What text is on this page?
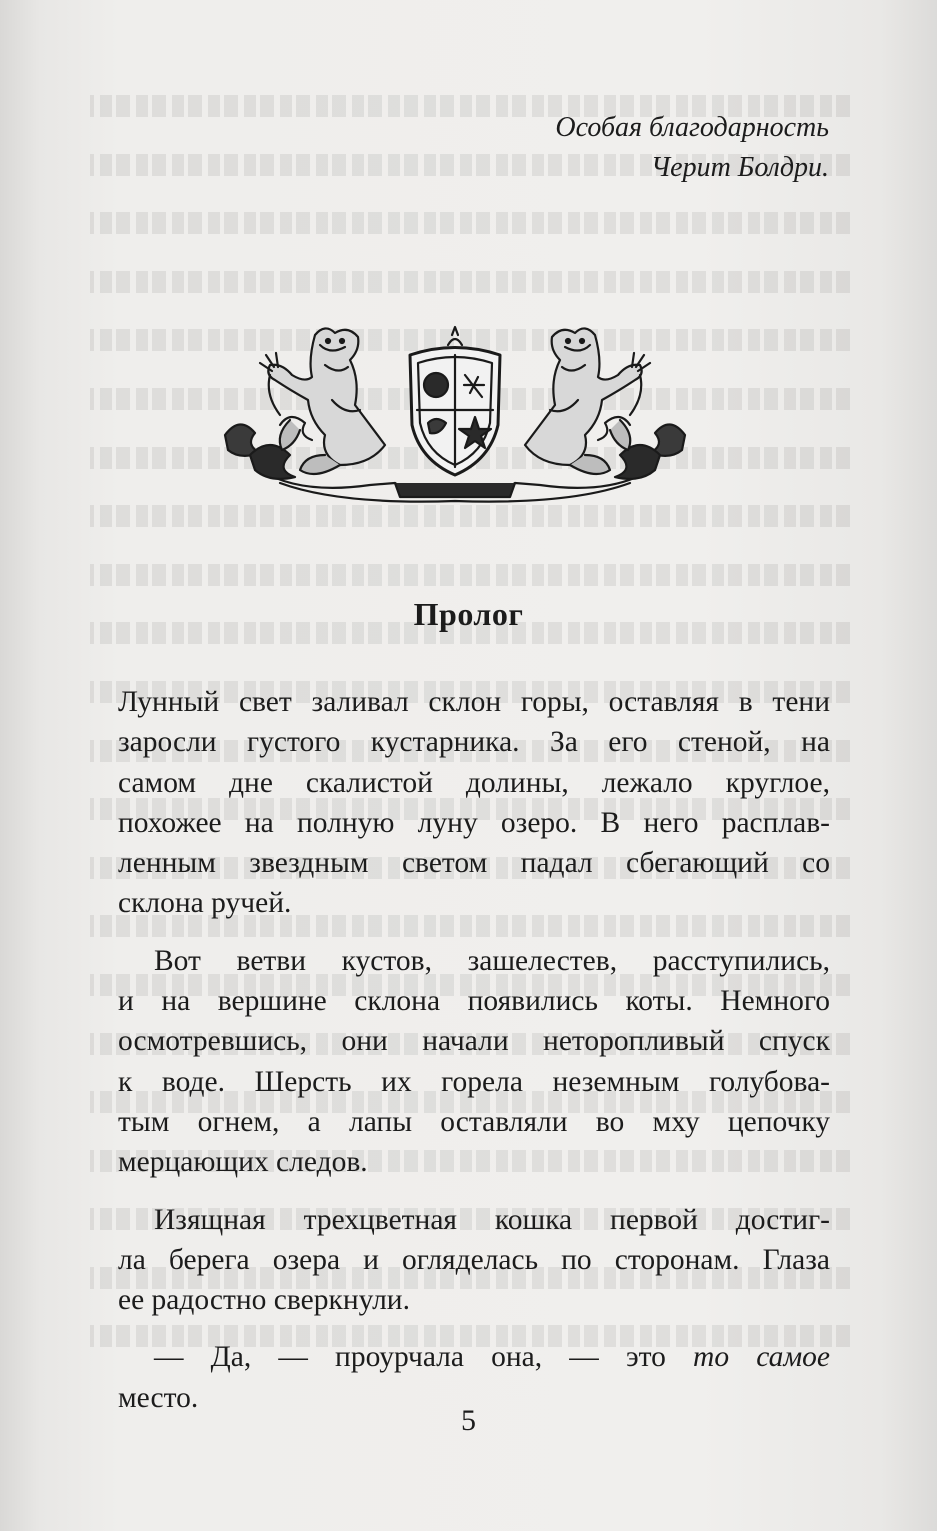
Особая благодарность
Черит Болдри.
Пролог

Лунный свет заливал склон горы, оставляя в тени
заросли густого кустарника. За его стеной, на
самом дне скалистой долины, лежало круглое,
похожее на полную луну озеро. В него расплав-
ленным звездным светом падал сбегающий со
склона ручей.

Вот ветви кустов, зашелестев, расступились,
и на вершине склона появились коты. Немного
осмотревшись, они начали неторопливый спуск
к воде. Шерсть их горела неземным голубова-
тым огнем, а лапы оставляли во мху цепочку
мерцающих следов.

Изящная трехцветная кошка первой достиг-
ла берега озера и огляделась по сторонам. Глаза
ее радостно сверкнули.

— Да, — проурчала она, — это то самое
место.

5
